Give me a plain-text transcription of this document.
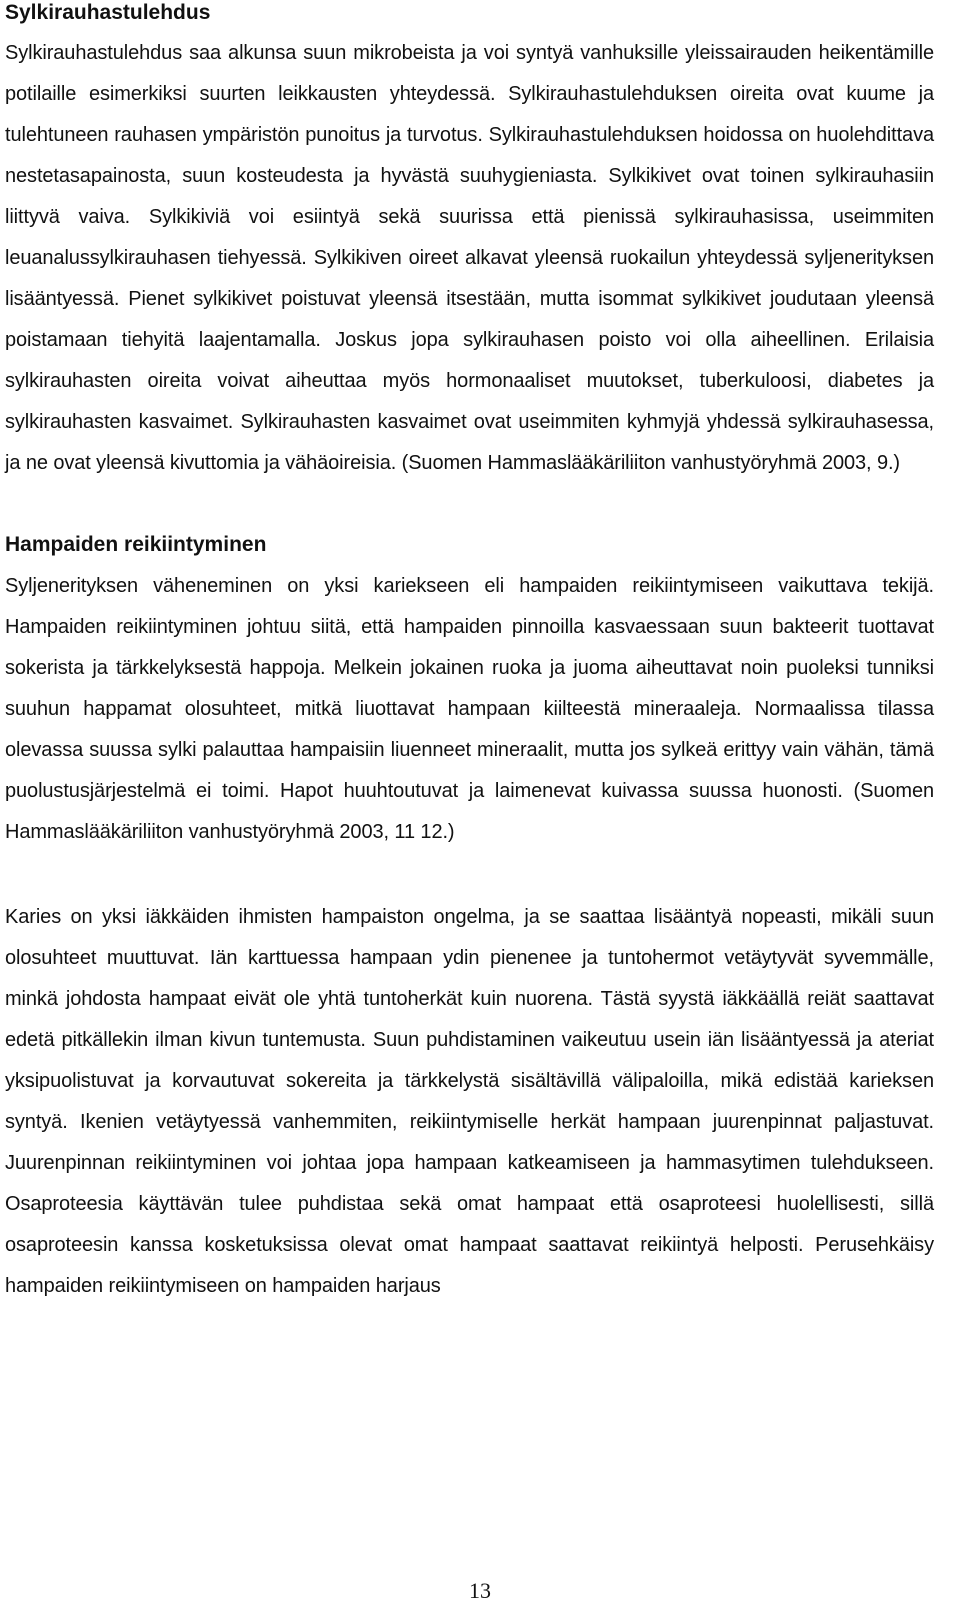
Sylkirauhastulehdus

Sylkirauhastulehdus saa alkunsa suun mikrobeista ja voi syntyä vanhuksille yleissairauden heikentämille potilaille esimerkiksi suurten leikkausten yhteydessä. Sylkirauhastulehduksen oireita ovat kuume ja tulehtuneen rauhasen ympäristön punoitus ja turvotus. Sylkirauhastulehduksen hoidossa on huolehdittava nestetasapainosta, suun kosteudesta ja hyvästä suuhygieniasta. Sylkikivet ovat toinen sylkirauhasiin liittyvä vaiva. Sylkikiviä voi esiintyä sekä suurissa että pienissä sylkirauhasissa, useimmiten leuanalussylkirauhasen tiehyessä. Sylkikiven oireet alkavat yleensä ruokailun yhteydessä syljenerityksen lisääntyessä. Pienet sylkikivet poistuvat yleensä itsestään, mutta isommat sylkikivet joudutaan yleensä poistamaan tiehyitä laajentamalla. Joskus jopa sylkirauhasen poisto voi olla aiheellinen. Erilaisia sylkirauhasten oireita voivat aiheuttaa myös hormonaaliset muutokset, tuberkuloosi, diabetes ja sylkirauhasten kasvaimet. Sylkirauhasten kasvaimet ovat useimmiten kyhmyjä yhdessä sylkirauhasessa, ja ne ovat yleensä kivuttomia ja vähäoireisia. (Suomen Hammaslääkäriliiton vanhustyöryhmä 2003, 9.)

Hampaiden reikiintyminen

Syljenerityksen väheneminen on yksi kariekseen eli hampaiden reikiintymiseen vaikuttava tekijä. Hampaiden reikiintyminen johtuu siitä, että hampaiden pinnoilla kasvaessaan suun bakteerit tuottavat sokerista ja tärkkelyksestä happoja. Melkein jokainen ruoka ja juoma aiheuttavat noin puoleksi tunniksi suuhun happamat olosuhteet, mitkä liuottavat hampaan kiilteestä mineraaleja. Normaalissa tilassa olevassa suussa sylki palauttaa hampaisiin liuenneet mineraalit, mutta jos sylkeä erittyy vain vähän, tämä puolustusjärjestelmä ei toimi. Hapot huuhtoutuvat ja laimenevat kuivassa suussa huonosti. (Suomen Hammaslääkäriliiton vanhustyöryhmä 2003, 11 12.)

Karies on yksi iäkkäiden ihmisten hampaiston ongelma, ja se saattaa lisääntyä nopeasti, mikäli suun olosuhteet muuttuvat. Iän karttuessa hampaan ydin pienenee ja tuntohermot vetäytyvät syvemmälle, minkä johdosta hampaat eivät ole yhtä tuntoherkät kuin nuorena. Tästä syystä iäkkäällä reiät saattavat edetä pitkällekin ilman kivun tuntemusta. Suun puhdistaminen vaikeutuu usein iän lisääntyessä ja ateriat yksipuolistuvat ja korvautuvat sokereita ja tärkkelystä sisältävillä välipaloilla, mikä edistää karieksen syntyä. Ikenien vetäytyessä vanhemmiten, reikiintymiselle herkät hampaan juurenpinnat paljastuvat. Juurenpinnan reikiintyminen voi johtaa jopa hampaan katkeamiseen ja hammasytimen tulehdukseen. Osaproteesia käyttävän tulee puhdistaa sekä omat hampaat että osaproteesi huolellisesti, sillä osaproteesin kanssa kosketuksissa olevat omat hampaat saattavat reikiintyä helposti. Perusehkäisy hampaiden reikiintymiseen on hampaiden harjaus

13
